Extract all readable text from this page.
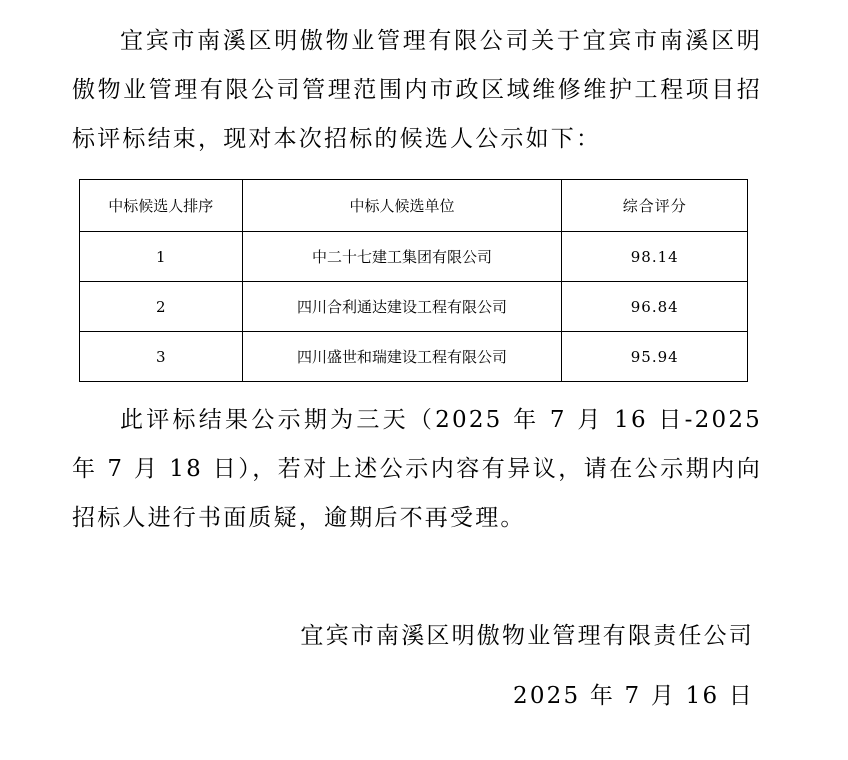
宜宾市南溪区明傲物业管理有限公司关于宜宾市南溪区明傲物业管理有限公司管理范围内市政区域维修维护工程项目招标评标结束，现对本次招标的候选人公示如下：

中标候选人排序	中标人候选单位	综合评分
1	中二十七建工集团有限公司	98.14
2	四川合利通达建设工程有限公司	96.84
3	四川盛世和瑞建设工程有限公司	95.94

此评标结果公示期为三天（2025 年 7 月 16 日-2025 年 7 月 18 日），若对上述公示内容有异议，请在公示期内向招标人进行书面质疑，逾期后不再受理。

宜宾市南溪区明傲物业管理有限责任公司

2025 年 7 月 16 日
